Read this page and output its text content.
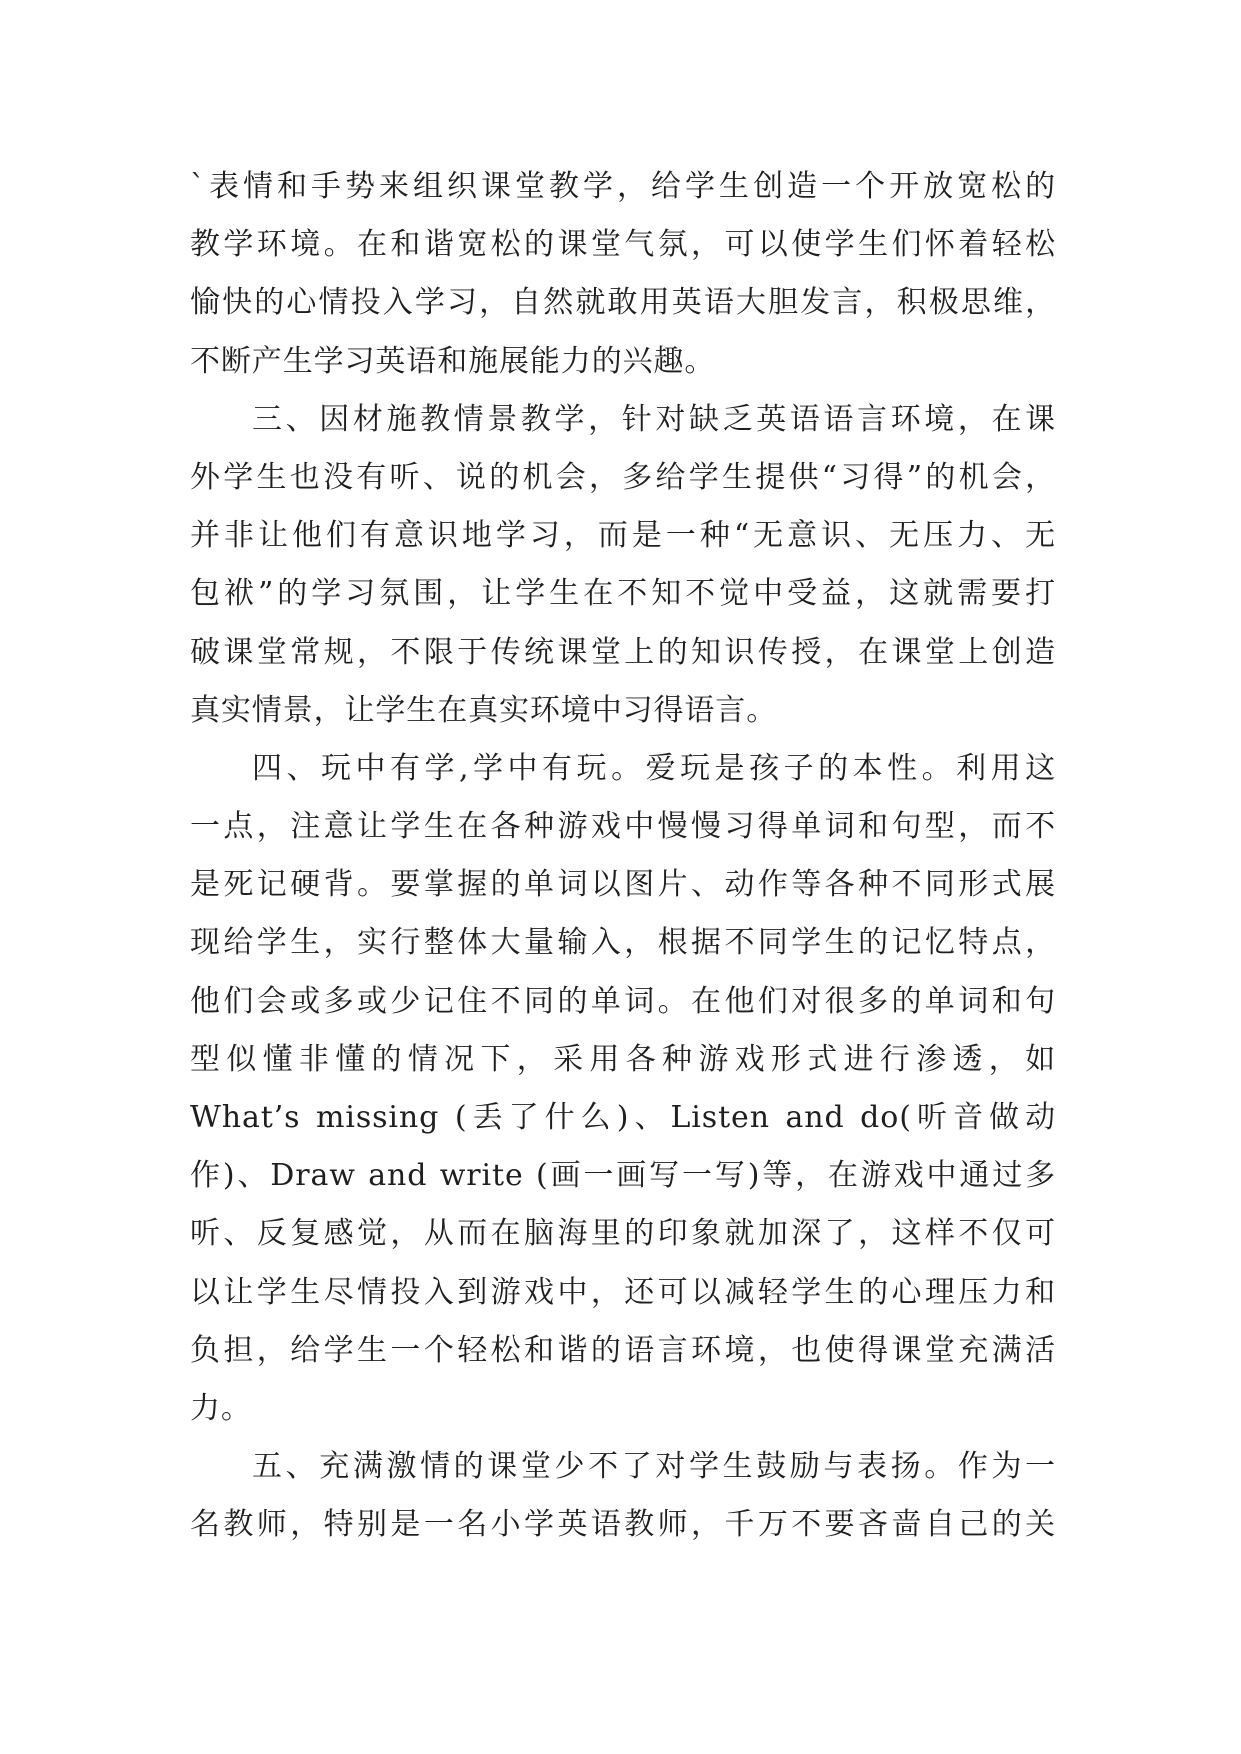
`表情和手势来组织课堂教学，给学生创造一个开放宽松的
教学环境。在和谐宽松的课堂气氛，可以使学生们怀着轻松
愉快的心情投入学习，自然就敢用英语大胆发言，积极思维，
不断产生学习英语和施展能力的兴趣。
三、因材施教情景教学，针对缺乏英语语言环境，在课
外学生也没有听、说的机会，多给学生提供“习得”的机会，
并非让他们有意识地学习，而是一种“无意识、无压力、无
包袱”的学习氛围，让学生在不知不觉中受益，这就需要打
破课堂常规，不限于传统课堂上的知识传授，在课堂上创造
真实情景，让学生在真实环境中习得语言。
四、玩中有学,学中有玩。爱玩是孩子的本性。利用这
一点，注意让学生在各种游戏中慢慢习得单词和句型，而不
是死记硬背。要掌握的单词以图片、动作等各种不同形式展
现给学生，实行整体大量输入，根据不同学生的记忆特点，
他们会或多或少记住不同的单词。在他们对很多的单词和句
型似懂非懂的情况下，采用各种游戏形式进行渗透，如
What’s missing (丢了什么)、Listen and do(听音做动
作)、Draw and write (画一画写一写)等，在游戏中通过多
听、反复感觉，从而在脑海里的印象就加深了，这样不仅可
以让学生尽情投入到游戏中，还可以减轻学生的心理压力和
负担，给学生一个轻松和谐的语言环境，也使得课堂充满活
力。
五、充满激情的课堂少不了对学生鼓励与表扬。作为一
名教师，特别是一名小学英语教师，千万不要吝啬自己的关
